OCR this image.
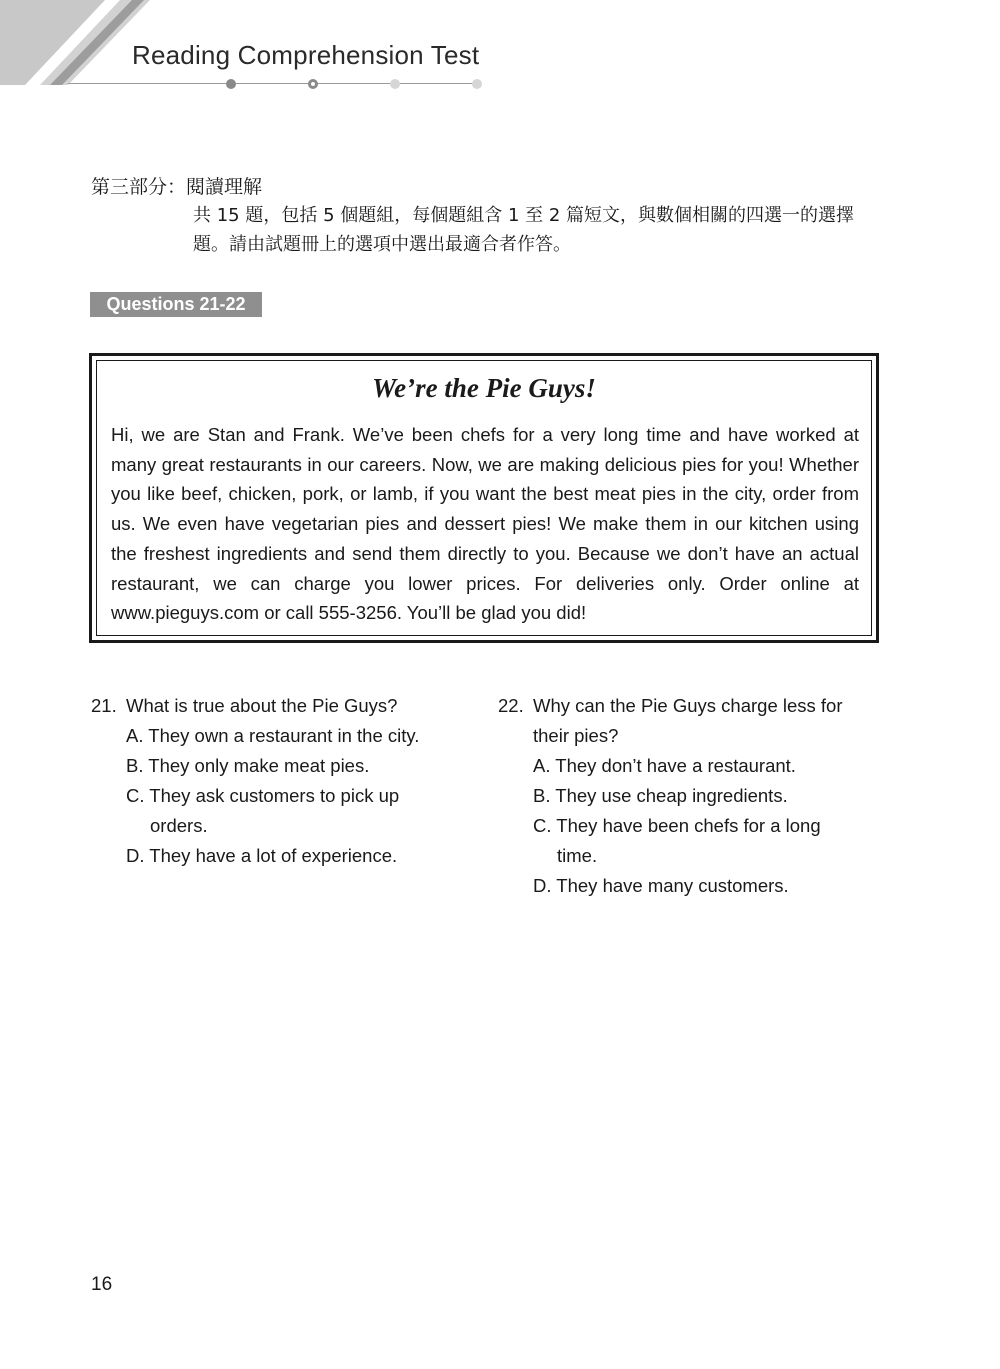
Reading Comprehension Test
第三部分：閱讀理解
共 15 題，包括 5 個題組，每個題組含 1 至 2 篇短文，與數個相關的四選一的選擇題。請由試題冊上的選項中選出最適合者作答。
Questions 21-22
We’re the Pie Guys!
Hi, we are Stan and Frank. We’ve been chefs for a very long time and have worked at many great restaurants in our careers. Now, we are making delicious pies for you! Whether you like beef, chicken, pork, or lamb, if you want the best meat pies in the city, order from us. We even have vegetarian pies and dessert pies! We make them in our kitchen using the freshest ingredients and send them directly to you. Because we don’t have an actual restaurant, we can charge you lower prices. For deliveries only. Order online at www.pieguys.com or call 555-3256. You’ll be glad you did!
21. What is true about the Pie Guys?
A. They own a restaurant in the city.
B. They only make meat pies.
C. They ask customers to pick up orders.
D. They have a lot of experience.
22. Why can the Pie Guys charge less for their pies?
A. They don’t have a restaurant.
B. They use cheap ingredients.
C. They have been chefs for a long time.
D. They have many customers.
16
